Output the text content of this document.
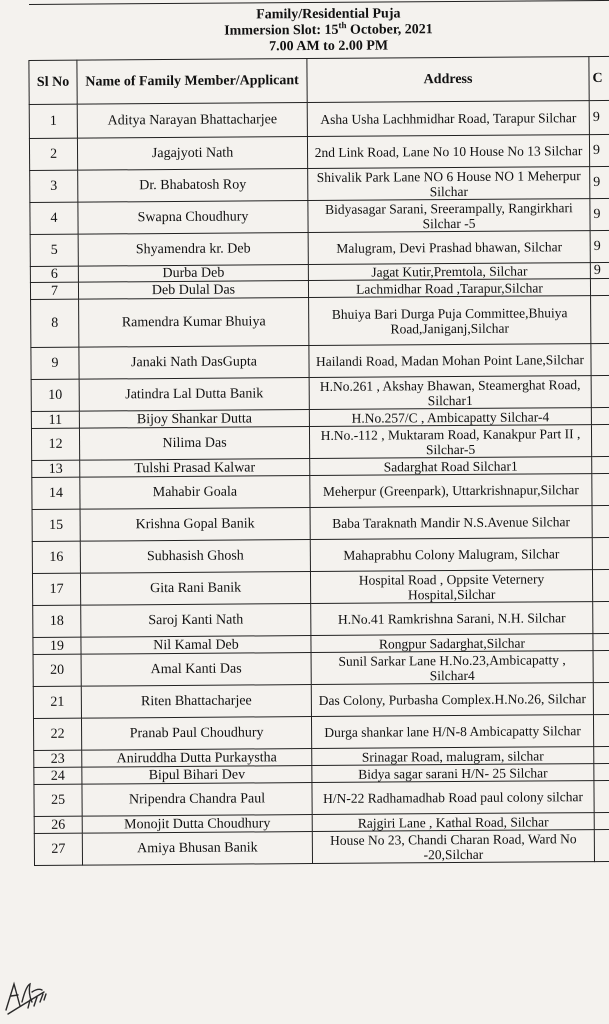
Family/Residential Puja
Immersion Slot: 15th October, 2021
7.00 AM to 2.00 PM			

Sl No	Name of Family Member/Applicant	Address	C
1	Aditya Narayan Bhattacharjee	Asha Usha Lachhmidhar Road, Tarapur Silchar	9
2	Jagajyoti Nath	2nd Link Road, Lane No 10 House No 13 Silchar	9
3	Dr. Bhabatosh Roy	Shivalik Park Lane NO 6 House NO 1 Meherpur Silchar	9
4	Swapna Choudhury	Bidyasagar Sarani, Sreerampally, Rangirkhari Silchar -5	9
5	Shyamendra kr. Deb	Malugram, Devi Prashad bhawan, Silchar	9
6	Durba Deb	Jagat Kutir,Premtola, Silchar	9
7	Deb Dulal Das	Lachmidhar Road ,Tarapur,Silchar	
8	Ramendra Kumar Bhuiya	Bhuiya Bari Durga Puja Committee,Bhuiya Road,Janiganj,Silchar	
9	Janaki Nath DasGupta	Hailandi Road, Madan Mohan Point Lane,Silchar	
10	Jatindra Lal Dutta Banik	H.No.261 , Akshay Bhawan, Steamerghat Road, Silchar1	
11	Bijoy Shankar Dutta	H.No.257/C , Ambicapatty Silchar-4	
12	Nilima Das	H.No.-112 , Muktaram Road, Kanakpur Part II , Silchar-5	
13	Tulshi Prasad Kalwar	Sadarghat Road Silchar1	
14	Mahabir Goala	Meherpur (Greenpark), Uttarkrishnapur,Silchar	
15	Krishna Gopal Banik	Baba Taraknath Mandir N.S.Avenue Silchar	
16	Subhasish Ghosh	Mahaprabhu Colony Malugram, Silchar	
17	Gita Rani Banik	Hospital Road , Oppsite Veternery Hospital,Silchar	
18	Saroj Kanti Nath	H.No.41 Ramkrishna Sarani, N.H. Silchar	
19	Nil Kamal Deb	Rongpur Sadarghat,Silchar	
20	Amal Kanti Das	Sunil Sarkar Lane H.No.23,Ambicapatty , Silchar4	
21	Riten Bhattacharjee	Das Colony, Purbasha Complex.H.No.26, Silchar	
22	Pranab Paul Choudhury	Durga shankar lane H/N-8 Ambicapatty Silchar	
23	Aniruddha Dutta Purkaystha	Srinagar Road, malugram, silchar	
24	Bipul Bihari Dev	Bidya sagar sarani H/N- 25 Silchar	
25	Nripendra Chandra Paul	H/N-22 Radhamadhab Road paul colony silchar	
26	Monojit Dutta Choudhury	Rajgiri Lane , Kathal Road, Silchar	
27	Amiya Bhusan Banik	House No 23, Chandi Charan Road, Ward No -20,Silchar	
